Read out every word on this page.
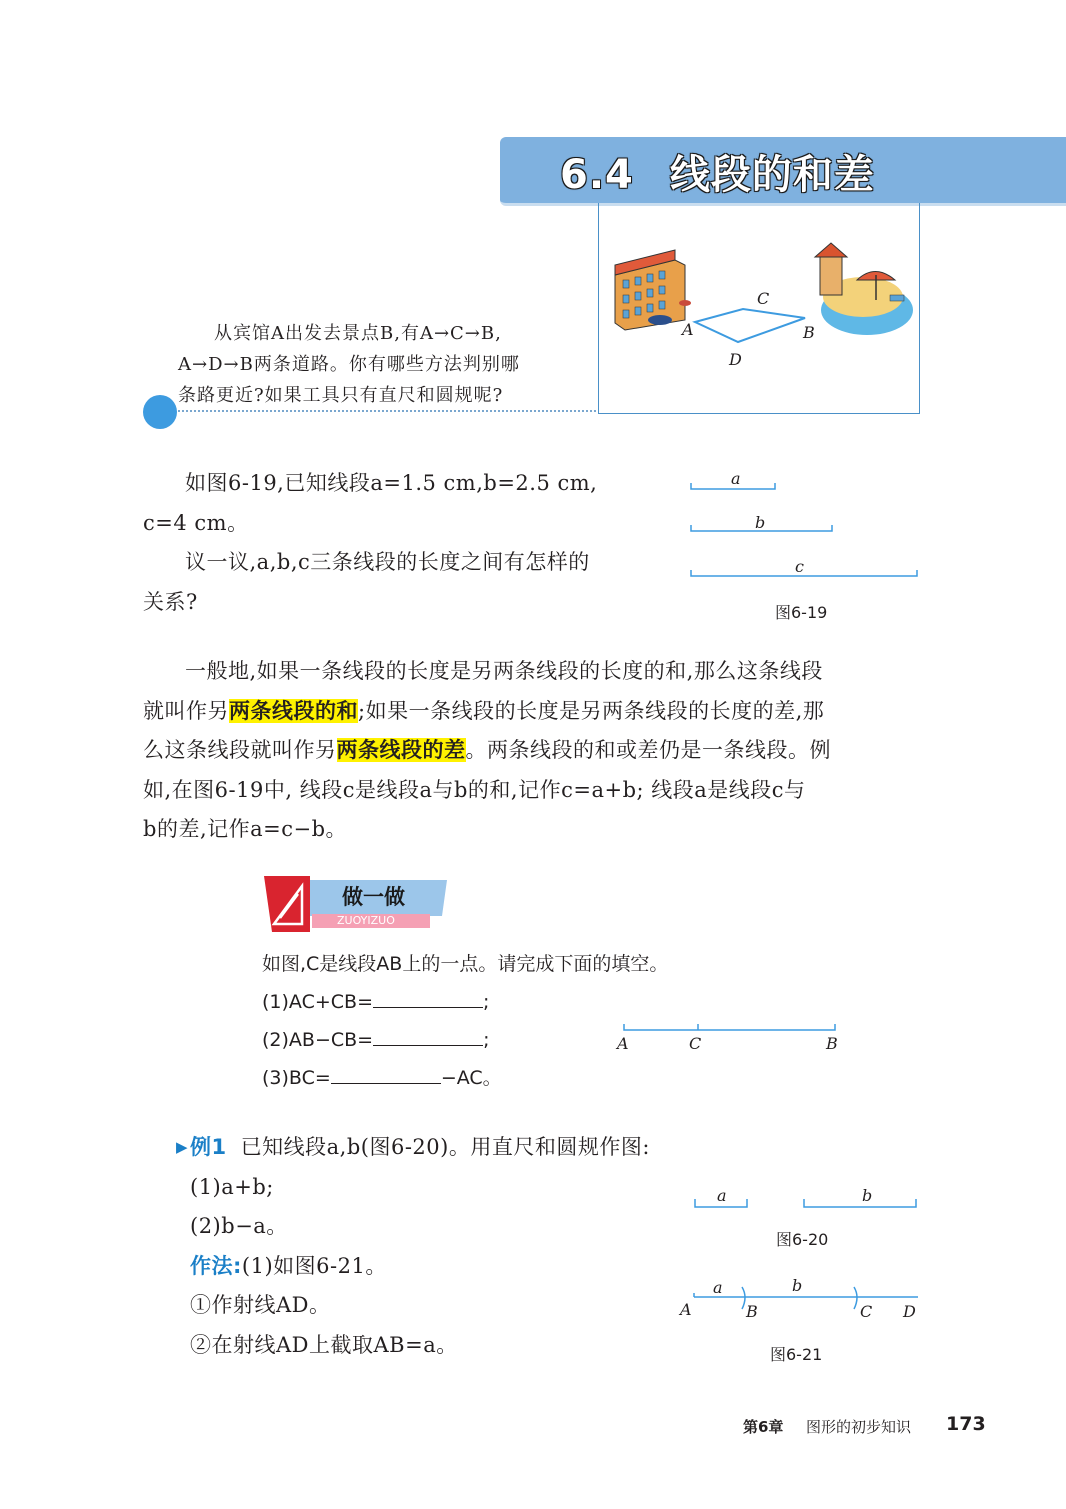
6.4 线段的和差
A
C
B
D

从宾馆A出发去景点B,有A→C→B,

A→D→B两条道路。你有哪些方法判别哪

条路更近?如果工具只有直尺和圆规呢?

如图6-19,已知线段a=1.5 cm,b=2.5 cm,

c=4 cm。

议一议,a,b,c三条线段的长度之间有怎样的

关系?

a
b
c
图6-19

一般地,如果一条线段的长度是另两条线段的长度的和,那么这条线段

就叫作另两条线段的和;如果一条线段的长度是另两条线段的长度的差,那

么这条线段就叫作另两条线段的差。两条线段的和或差仍是一条线段。例

如,在图6-19中, 线段c是线段a与b的和,记作c=a+b; 线段a是线段c与

b的差,记作a=c−b。

做一做
ZUOYIZUO
如图,C是线段AB上的一点。请完成下面的填空。
(1)AC+CB=	;
(2)AB−CB=	;
(3)BC=	−AC。
A	C	B
▶ 例1 已知线段a,b(图6-20)。用直尺和圆规作图:

(1)a+b;

(2)b−a。

作法:(1)如图6-21。

①作射线AD。

②在射线AD上截取AB=a。

a	b
图6-20
a	b
A	B	C D
图6-21
第6章 图形的初步知识 173
